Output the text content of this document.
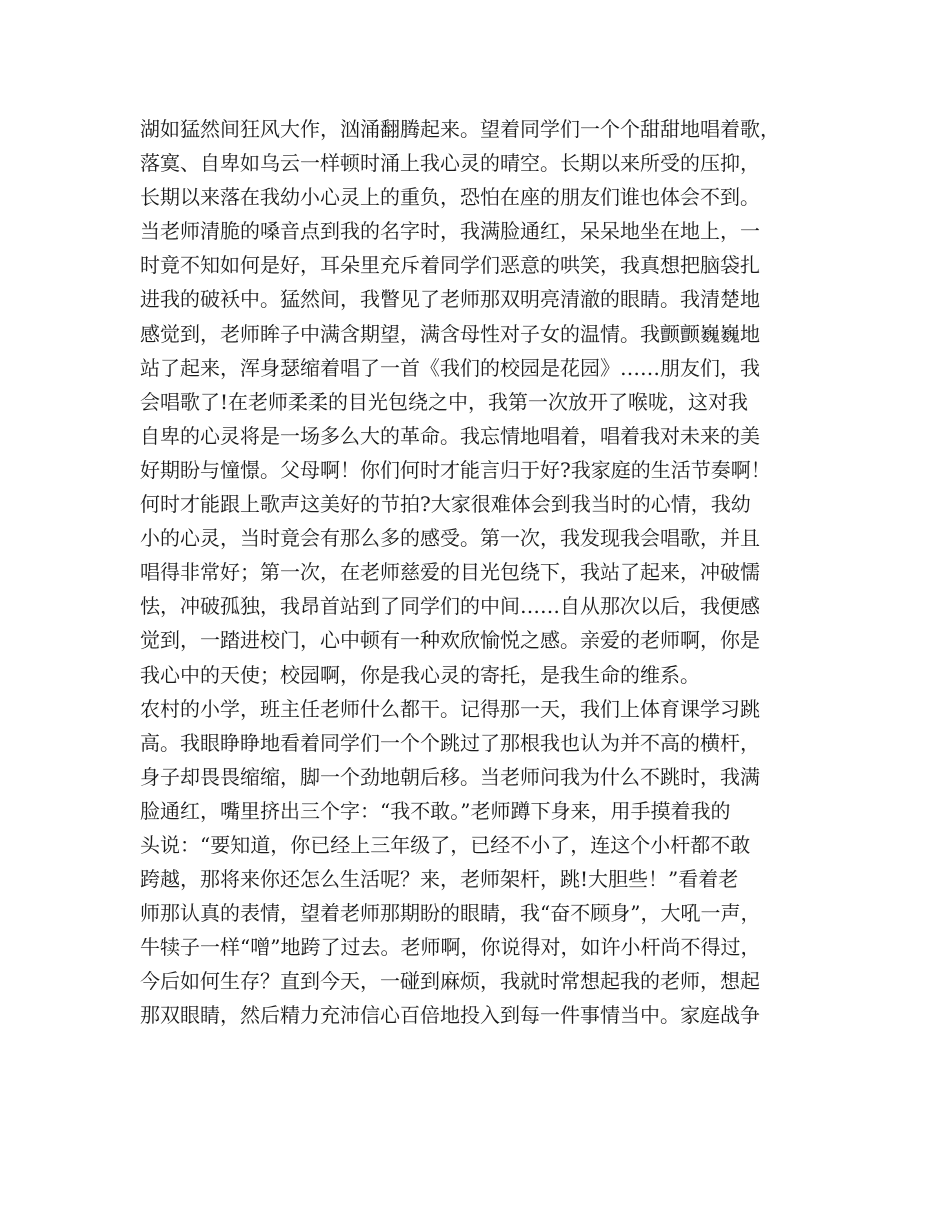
湖如猛然间狂风大作，汹涌翻腾起来。望着同学们一个个甜甜地唱着歌，
落寞、自卑如乌云一样顿时涌上我心灵的晴空。长期以来所受的压抑，
长期以来落在我幼小心灵上的重负，恐怕在座的朋友们谁也体会不到。
当老师清脆的嗓音点到我的名字时，我满脸通红，呆呆地坐在地上，一
时竟不知如何是好，耳朵里充斥着同学们恶意的哄笑，我真想把脑袋扎
进我的破袄中。猛然间，我瞥见了老师那双明亮清澈的眼睛。我清楚地
感觉到，老师眸子中满含期望，满含母性对子女的温情。我颤颤巍巍地
站了起来，浑身瑟缩着唱了一首《我们的校园是花园》……朋友们，我
会唱歌了!在老师柔柔的目光包绕之中，我第一次放开了喉咙，这对我
自卑的心灵将是一场多么大的革命。我忘情地唱着，唱着我对未来的美
好期盼与憧憬。父母啊！你们何时才能言归于好?我家庭的生活节奏啊！
何时才能跟上歌声这美好的节拍?大家很难体会到我当时的心情，我幼
小的心灵，当时竟会有那么多的感受。第一次，我发现我会唱歌，并且
唱得非常好；第一次，在老师慈爱的目光包绕下，我站了起来，冲破懦
怯，冲破孤独，我昂首站到了同学们的中间……自从那次以后，我便感
觉到，一踏进校门，心中顿有一种欢欣愉悦之感。亲爱的老师啊，你是
我心中的天使；校园啊，你是我心灵的寄托，是我生命的维系。
农村的小学，班主任老师什么都干。记得那一天，我们上体育课学习跳
高。我眼睁睁地看着同学们一个个跳过了那根我也认为并不高的横杆，
身子却畏畏缩缩，脚一个劲地朝后移。当老师问我为什么不跳时，我满
脸通红，嘴里挤出三个字：“我不敢。”老师蹲下身来，用手摸着我的
头说：“要知道，你已经上三年级了，已经不小了，连这个小杆都不敢
跨越，那将来你还怎么生活呢？来，老师架杆，跳!大胆些！”看着老
师那认真的表情，望着老师那期盼的眼睛，我“奋不顾身”，大吼一声，
牛犊子一样“噌”地跨了过去。老师啊，你说得对，如许小杆尚不得过，
今后如何生存？直到今天，一碰到麻烦，我就时常想起我的老师，想起
那双眼睛，然后精力充沛信心百倍地投入到每一件事情当中。家庭战争
